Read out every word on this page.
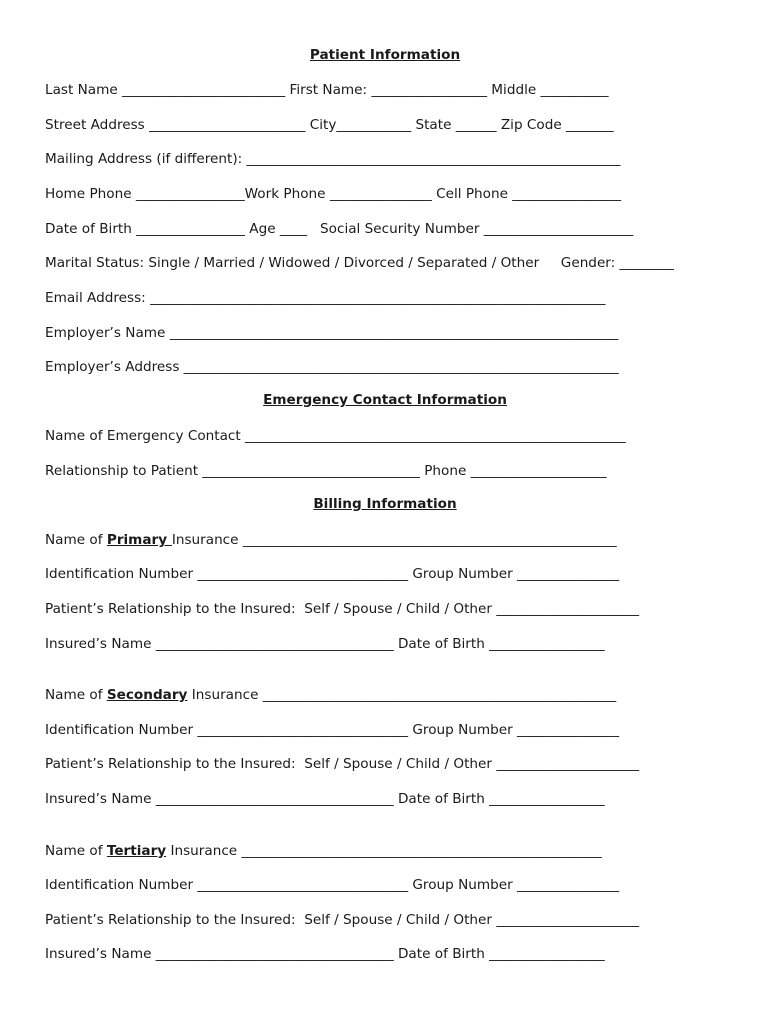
Patient Information
Last Name ________________________ First Name: _________________ Middle __________
Street Address _______________________ City___________ State ______ Zip Code _______
Mailing Address (if different): _______________________________________________________
Home Phone ________________Work Phone _______________ Cell Phone ________________
Date of Birth ________________ Age ____   Social Security Number ______________________
Marital Status: Single / Married / Widowed / Divorced / Separated / Other     Gender: ________
Email Address: ___________________________________________________________________
Employer’s Name __________________________________________________________________
Employer’s Address ________________________________________________________________
Emergency Contact Information
Name of Emergency Contact ________________________________________________________
Relationship to Patient ________________________________ Phone ____________________
Billing Information
Name of Primary Insurance _______________________________________________________
Identification Number _______________________________ Group Number _______________
Patient’s Relationship to the Insured:  Self / Spouse / Child / Other _____________________
Insured’s Name ___________________________________ Date of Birth _________________
Name of Secondary Insurance ____________________________________________________
Identification Number _______________________________ Group Number _______________
Patient’s Relationship to the Insured:  Self / Spouse / Child / Other _____________________
Insured’s Name ___________________________________ Date of Birth _________________
Name of Tertiary Insurance _____________________________________________________
Identification Number _______________________________ Group Number _______________
Patient’s Relationship to the Insured:  Self / Spouse / Child / Other _____________________
Insured’s Name ___________________________________ Date of Birth _________________
